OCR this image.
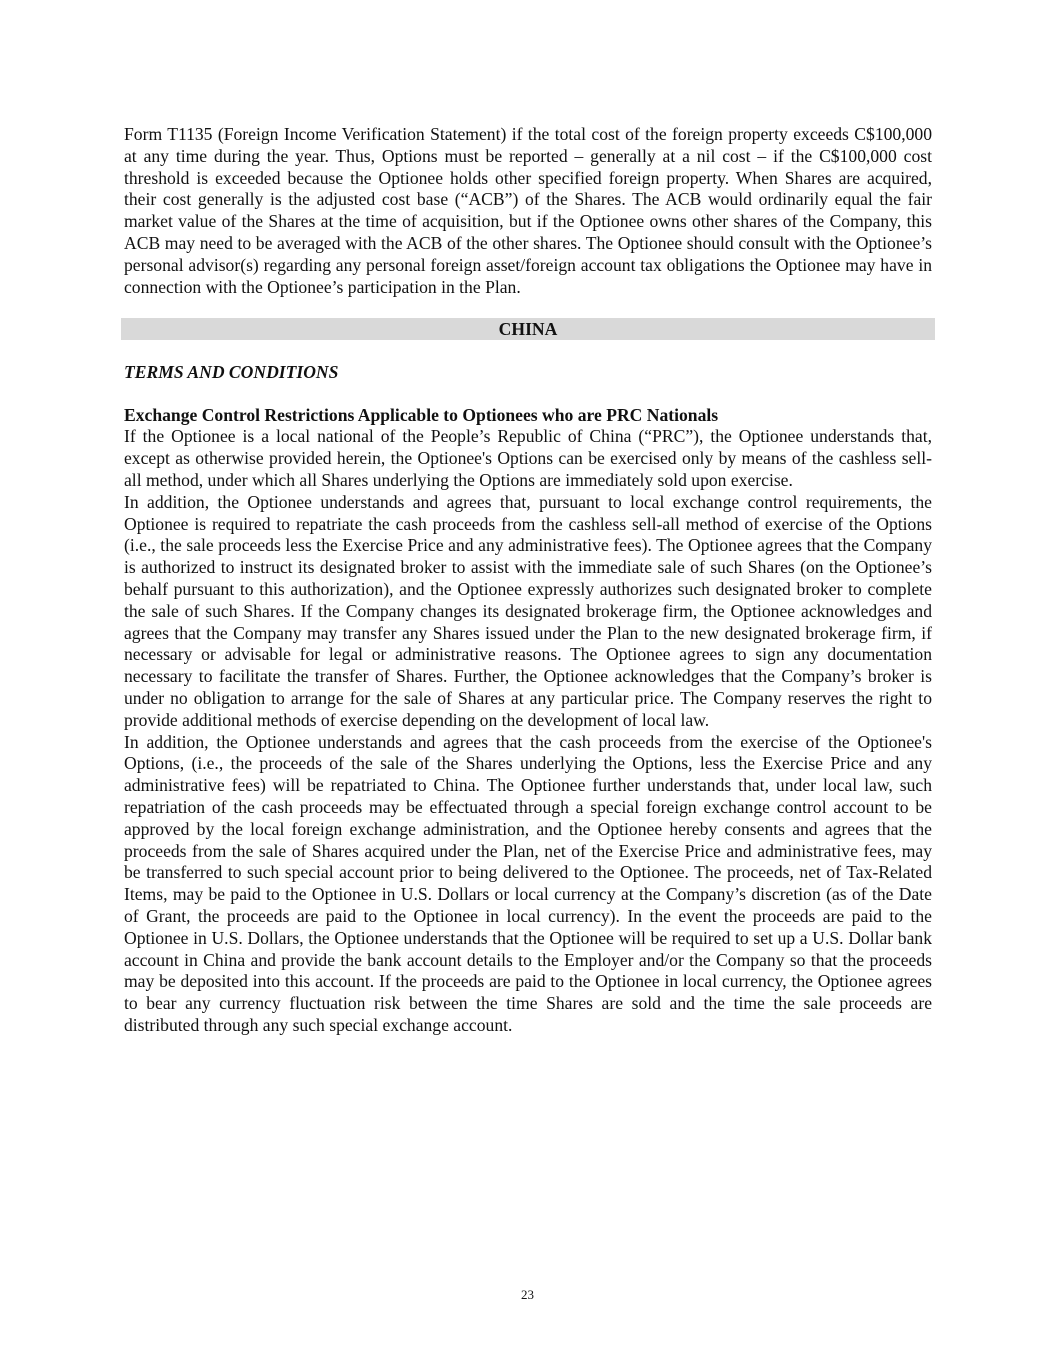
Form T1135 (Foreign Income Verification Statement) if the total cost of the foreign property exceeds C$100,000 at any time during the year. Thus, Options must be reported – generally at a nil cost – if the C$100,000 cost threshold is exceeded because the Optionee holds other specified foreign property. When Shares are acquired, their cost generally is the adjusted cost base (“ACB”) of the Shares. The ACB would ordinarily equal the fair market value of the Shares at the time of acquisition, but if the Optionee owns other shares of the Company, this ACB may need to be averaged with the ACB of the other shares. The Optionee should consult with the Optionee’s personal advisor(s) regarding any personal foreign asset/foreign account tax obligations the Optionee may have in connection with the Optionee’s participation in the Plan.

CHINA
TERMS AND CONDITIONS
Exchange Control Restrictions Applicable to Optionees who are PRC Nationals

If the Optionee is a local national of the People’s Republic of China (“PRC”), the Optionee understands that, except as otherwise provided herein, the Optionee's Options can be exercised only by means of the cashless sell-all method, under which all Shares underlying the Options are immediately sold upon exercise.

In addition, the Optionee understands and agrees that, pursuant to local exchange control requirements, the Optionee is required to repatriate the cash proceeds from the cashless sell-all method of exercise of the Options (i.e., the sale proceeds less the Exercise Price and any administrative fees). The Optionee agrees that the Company is authorized to instruct its designated broker to assist with the immediate sale of such Shares (on the Optionee’s behalf pursuant to this authorization), and the Optionee expressly authorizes such designated broker to complete the sale of such Shares. If the Company changes its designated brokerage firm, the Optionee acknowledges and agrees that the Company may transfer any Shares issued under the Plan to the new designated brokerage firm, if necessary or advisable for legal or administrative reasons. The Optionee agrees to sign any documentation necessary to facilitate the transfer of Shares. Further, the Optionee acknowledges that the Company’s broker is under no obligation to arrange for the sale of Shares at any particular price. The Company reserves the right to provide additional methods of exercise depending on the development of local law.

In addition, the Optionee understands and agrees that the cash proceeds from the exercise of the Optionee's Options, (i.e., the proceeds of the sale of the Shares underlying the Options, less the Exercise Price and any administrative fees) will be repatriated to China. The Optionee further understands that, under local law, such repatriation of the cash proceeds may be effectuated through a special foreign exchange control account to be approved by the local foreign exchange administration, and the Optionee hereby consents and agrees that the proceeds from the sale of Shares acquired under the Plan, net of the Exercise Price and administrative fees, may be transferred to such special account prior to being delivered to the Optionee. The proceeds, net of Tax-Related Items, may be paid to the Optionee in U.S. Dollars or local currency at the Company’s discretion (as of the Date of Grant, the proceeds are paid to the Optionee in local currency). In the event the proceeds are paid to the Optionee in U.S. Dollars, the Optionee understands that the Optionee will be required to set up a U.S. Dollar bank account in China and provide the bank account details to the Employer and/or the Company so that the proceeds may be deposited into this account. If the proceeds are paid to the Optionee in local currency, the Optionee agrees to bear any currency fluctuation risk between the time Shares are sold and the time the sale proceeds are distributed through any such special exchange account.

23
